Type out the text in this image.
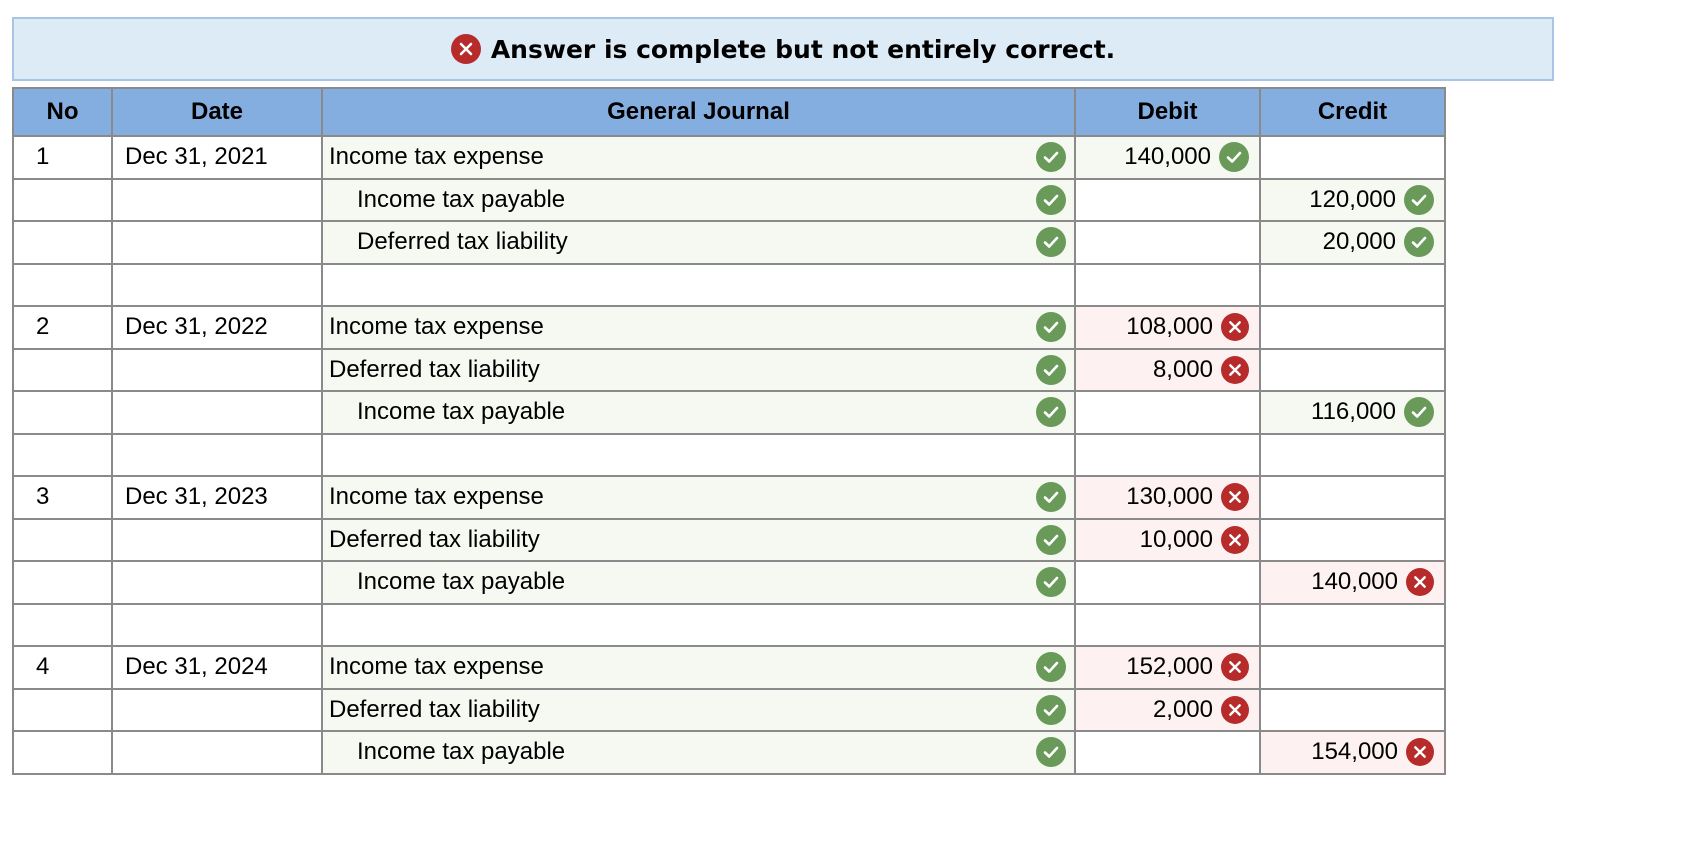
Answer is complete but not entirely correct.
No	Date	General Journal	Debit	Credit
1	Dec 31, 2021	Income tax expense	140,000	

		Income tax payable		120,000

		Deferred tax liability		20,000

2	Dec 31, 2022	Income tax expense	108,000	

		Deferred tax liability	8,000	

		Income tax payable		116,000

3	Dec 31, 2023	Income tax expense	130,000	

		Deferred tax liability	10,000	

		Income tax payable		140,000

4	Dec 31, 2024	Income tax expense	152,000	

		Deferred tax liability	2,000	

		Income tax payable		154,000
